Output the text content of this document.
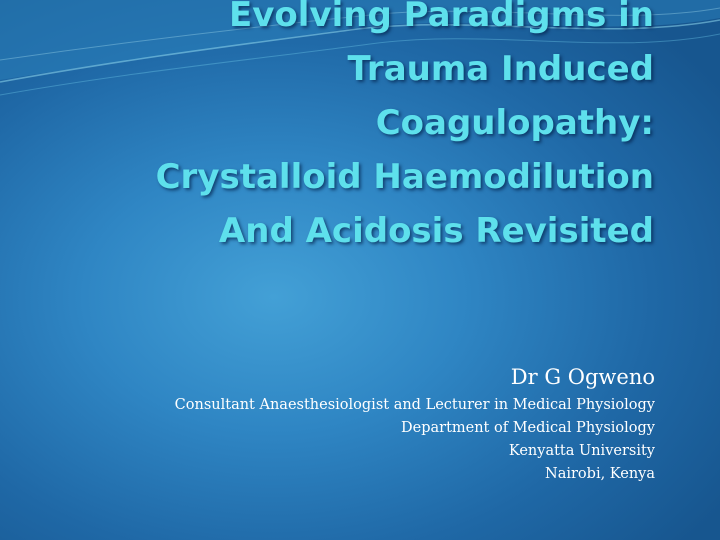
Evolving Paradigms in
Trauma Induced
Coagulopathy:
Crystalloid Haemodilution
And Acidosis Revisited
Dr G Ogweno
Consultant Anaesthesiologist and Lecturer in Medical Physiology
Department of Medical Physiology
Kenyatta University
Nairobi, Kenya
